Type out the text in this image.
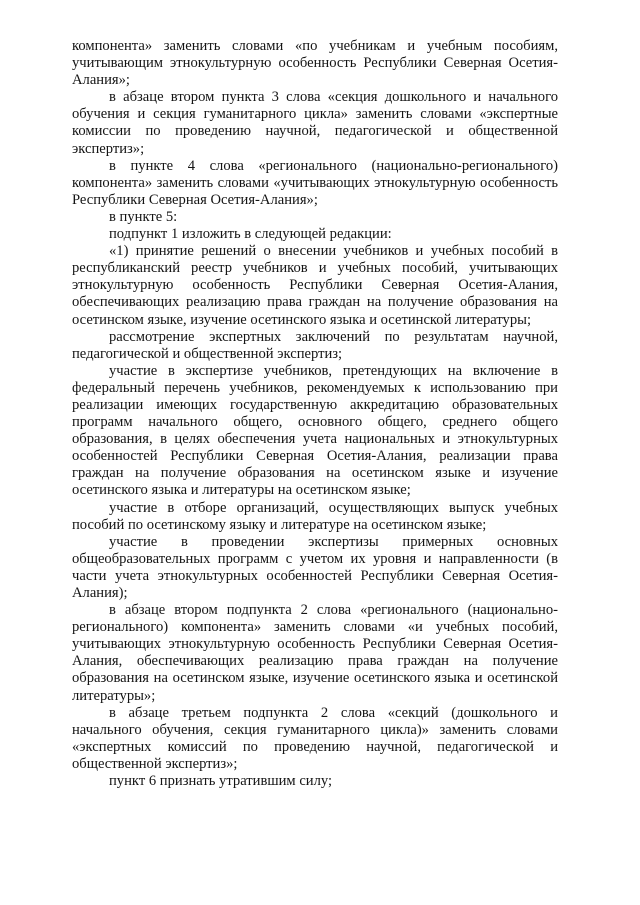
компонента» заменить словами «по учебникам и учебным пособиям, учитывающим этнокультурную особенность Республики Северная Осетия-Алания»;

в абзаце втором пункта 3 слова «секция дошкольного и начального обучения и секция гуманитарного цикла» заменить словами «экспертные комиссии по проведению научной, педагогической и общественной экспертиз»;

в пункте 4 слова «регионального (национально-регионального) компонента» заменить словами «учитывающих этнокультурную особенность Республики Северная Осетия-Алания»;

в пункте 5:

подпункт 1 изложить в следующей редакции:

«1) принятие решений о внесении учебников и учебных пособий в республиканский реестр учебников и учебных пособий, учитывающих этнокультурную особенность Республики Северная Осетия-Алания, обеспечивающих реализацию права граждан на получение образования на осетинском языке, изучение осетинского языка и осетинской литературы;

рассмотрение экспертных заключений по результатам научной, педагогической и общественной экспертиз;

участие в экспертизе учебников, претендующих на включение в федеральный перечень учебников, рекомендуемых к использованию при реализации имеющих государственную аккредитацию образовательных программ начального общего, основного общего, среднего общего образования, в целях обеспечения учета национальных и этнокультурных особенностей Республики Северная Осетия-Алания, реализации права граждан на получение образования на осетинском языке и изучение осетинского языка и литературы на осетинском языке;

участие в отборе организаций, осуществляющих выпуск учебных пособий по осетинскому языку и литературе на осетинском языке;

участие в проведении экспертизы примерных основных общеобразовательных программ с учетом их уровня и направленности (в части учета этнокультурных особенностей Республики Северная Осетия-Алания);

в абзаце втором подпункта 2 слова «регионального (национально-регионального) компонента» заменить словами «и учебных пособий, учитывающих этнокультурную особенность Республики Северная Осетия-Алания, обеспечивающих реализацию права граждан на получение образования на осетинском языке, изучение осетинского языка и осетинской литературы»;

в абзаце третьем подпункта 2 слова «секций (дошкольного и начального обучения, секция гуманитарного цикла)» заменить словами «экспертных комиссий по проведению научной, педагогической и общественной экспертиз»;

пункт 6 признать утратившим силу;
